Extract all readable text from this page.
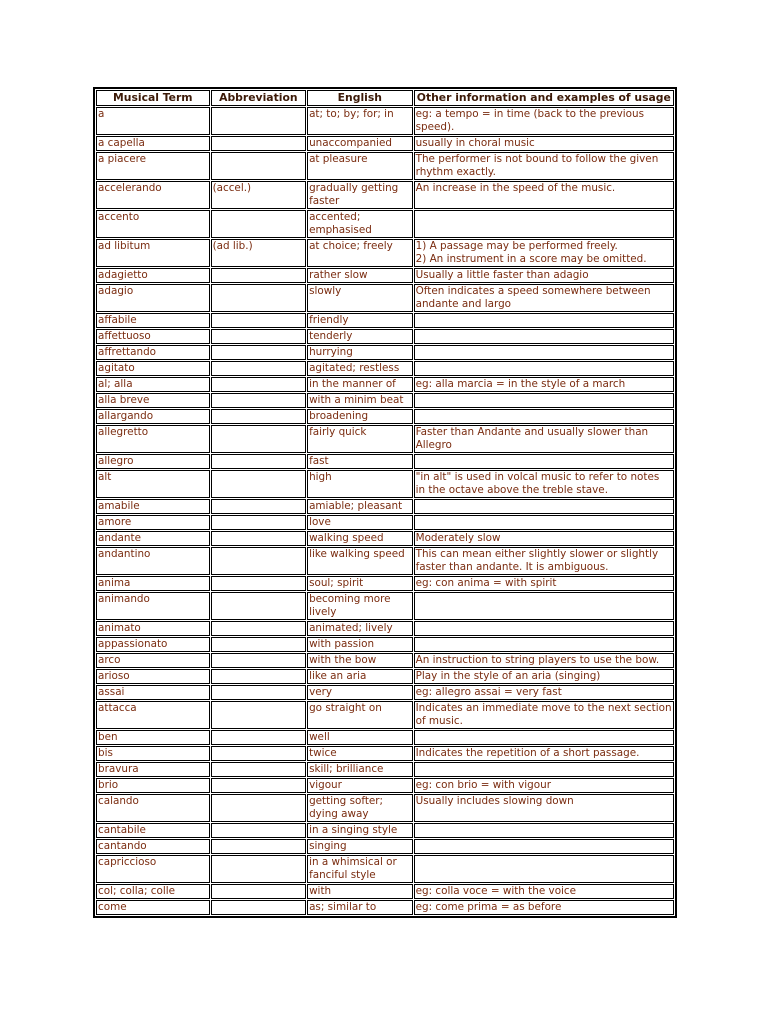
Musical Term	Abbreviation	English	Other information and examples of usage
a		at; to; by; for; in	eg: a tempo = in time (back to the previous speed).
a capella		unaccompanied	usually in choral music
a piacere		at pleasure	The performer is not bound to follow the given rhythm exactly.
accelerando	(accel.)	gradually getting faster	An increase in the speed of the music.
accento		accented; emphasised	
ad libitum	(ad lib.)	at choice; freely	1) A passage may be performed freely.
2) An instrument in a score may be omitted.
adagietto		rather slow	Usually a little faster than adagio
adagio		slowly	Often indicates a speed somewhere between andante and largo
affabile		friendly	
affettuoso		tenderly	
affrettando		hurrying	
agitato		agitated; restless	
al; alla		in the manner of	eg: alla marcia = in the style of a march
alla breve		with a minim beat	
allargando		broadening	
allegretto		fairly quick	Faster than Andante and usually slower than Allegro
allegro		fast	
alt		high	"in alt" is used in volcal music to refer to notes in the octave above the treble stave.
amabile		amiable; pleasant	
amore		love	
andante		walking speed	Moderately slow
andantino		like walking speed	This can mean either slightly slower or slightly faster than andante. It is ambiguous.
anima		soul; spirit	eg: con anima = with spirit
animando		becoming more lively	
animato		animated; lively	
appassionato		with passion	
arco		with the bow	An instruction to string players to use the bow.
arioso		like an aria	Play in the style of an aria (singing)
assai		very	eg: allegro assai = very fast
attacca		go straight on	Indicates an immediate move to the next section of music.
ben		well	
bis		twice	Indicates the repetition of a short passage.
bravura		skill; brilliance	
brio		vigour	eg: con brio = with vigour
calando		getting softer; dying away	Usually includes slowing down
cantabile		in a singing style	
cantando		singing	
capriccioso		in a whimsical or fanciful style	
col; colla; colle		with	eg: colla voce = with the voice
come		as; similar to	eg: come prima = as before
